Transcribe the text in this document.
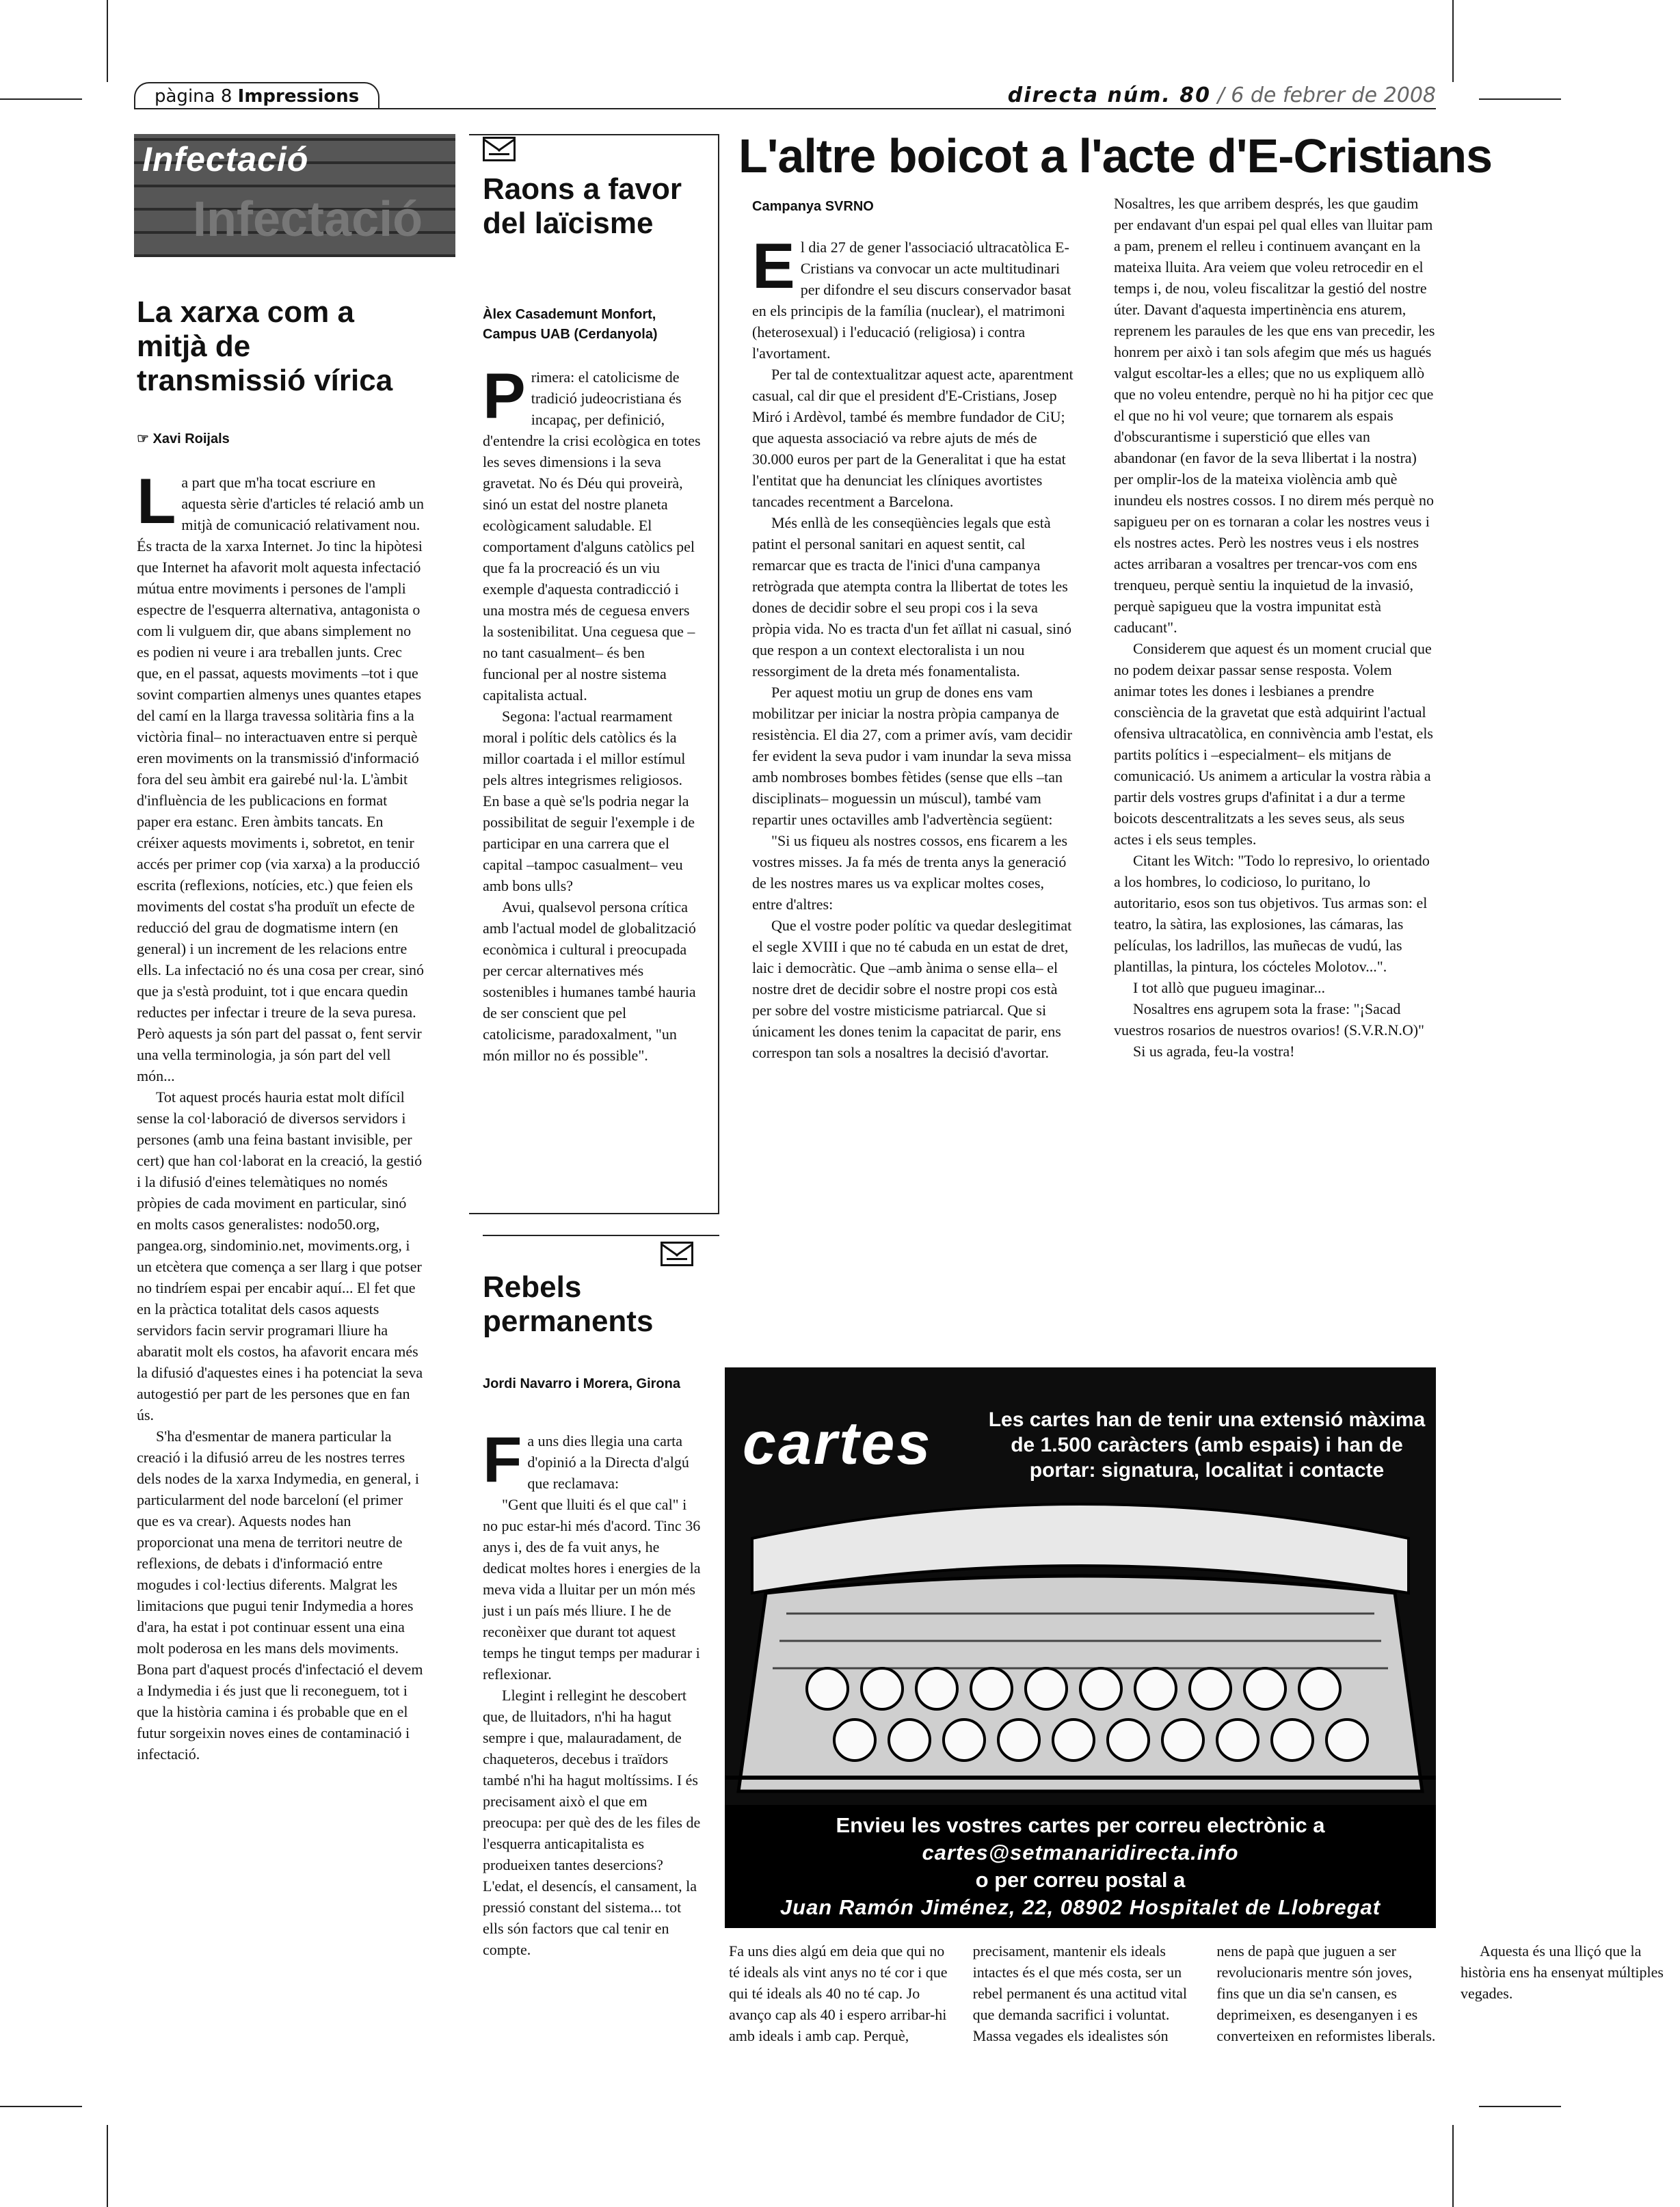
pàgina 8 Impressions	directa núm. 80 / 6 de febrer de 2008
Infectació
Infectació
La xarxa com a mitjà de transmissió vírica
☞ Xavi Roijals

La part que m'ha tocat escriure en aquesta sèrie d'articles té relació amb un mitjà de comunicació relativament nou. És tracta de la xarxa Internet. Jo tinc la hipòtesi que Internet ha afavorit molt aquesta infectació mútua entre moviments i persones de l'ampli espectre de l'esquerra alternativa, antagonista o com li vulguem dir, que abans simplement no es podien ni veure i ara treballen junts. Crec que, en el passat, aquests moviments –tot i que sovint compartien almenys unes quantes etapes del camí en la llarga travessa solitària fins a la victòria final– no interactuaven entre si perquè eren moviments on la transmissió d'informació fora del seu àmbit era gairebé nul·la. L'àmbit d'influència de les publicacions en format paper era estanc. Eren àmbits tancats. En créixer aquests moviments i, sobretot, en tenir accés per primer cop (via xarxa) a la producció escrita (reflexions, notícies, etc.) que feien els moviments del costat s'ha produït un efecte de reducció del grau de dogmatisme intern (en general) i un increment de les relacions entre ells. La infectació no és una cosa per crear, sinó que ja s'està produint, tot i que encara quedin reductes per infectar i treure de la seva puresa. Però aquests ja són part del passat o, fent servir una vella terminologia, ja són part del vell món...

Tot aquest procés hauria estat molt difícil sense la col·laboració de diversos servidors i persones (amb una feina bastant invisible, per cert) que han col·laborat en la creació, la gestió i la difusió d'eines telemàtiques no només pròpies de cada moviment en particular, sinó en molts casos generalistes: nodo50.org, pangea.org, sindominio.net, moviments.org, i un etcètera que comença a ser llarg i que potser no tindríem espai per encabir aquí... El fet que en la pràctica totalitat dels casos aquests servidors facin servir programari lliure ha abaratit molt els costos, ha afavorit encara més la difusió d'aquestes eines i ha potenciat la seva autogestió per part de les persones que en fan ús.

S'ha d'esmentar de manera particular la creació i la difusió arreu de les nostres terres dels nodes de la xarxa Indymedia, en general, i particularment del node barceloní (el primer que es va crear). Aquests nodes han proporcionat una mena de territori neutre de reflexions, de debats i d'informació entre mogudes i col·lectius diferents. Malgrat les limitacions que pugui tenir Indymedia a hores d'ara, ha estat i pot continuar essent una eina molt poderosa en les mans dels moviments. Bona part d'aquest procés d'infectació el devem a Indymedia i és just que li reconeguem, tot i que la història camina i és probable que en el futur sorgeixin noves eines de contaminació i infectació.

Raons a favor del laïcisme
Àlex Casademunt Monfort, Campus UAB (Cerdanyola)

Primera: el catolicisme de tradició judeocristiana és incapaç, per definició, d'entendre la crisi ecològica en totes les seves dimensions i la seva gravetat. No és Déu qui proveirà, sinó un estat del nostre planeta ecològicament saludable. El comportament d'alguns catòlics pel que fa la procreació és un viu exemple d'aquesta contradicció i una mostra més de ceguesa envers la sostenibilitat. Una ceguesa que –no tant casualment– és ben funcional per al nostre sistema capitalista actual.

Segona: l'actual rearmament moral i polític dels catòlics és la millor coartada i el millor estímul pels altres integrismes religiosos. En base a què se'ls podria negar la possibilitat de seguir l'exemple i de participar en una carrera que el capital –tampoc casualment– veu amb bons ulls?

Avui, qualsevol persona crítica amb l'actual model de globalització econòmica i cultural i preocupada per cercar alternatives més sostenibles i humanes també hauria de ser conscient que pel catolicisme, paradoxalment, "un món millor no és possible".

Rebels permanents
Jordi Navarro i Morera, Girona

Fa uns dies llegia una carta d'opinió a la Directa d'algú que reclamava:

"Gent que lluiti és el que cal" i no puc estar-hi més d'acord. Tinc 36 anys i, des de fa vuit anys, he dedicat moltes hores i energies de la meva vida a lluitar per un món més just i un país més lliure. I he de reconèixer que durant tot aquest temps he tingut temps per madurar i reflexionar.

Llegint i rellegint he descobert que, de lluitadors, n'hi ha hagut sempre i que, malauradament, de chaqueteros, decebus i traïdors també n'hi ha hagut moltíssims. I és precisament això el que em preocupa: per què des de les files de l'esquerra anticapitalista es produeixen tantes desercions? L'edat, el desencís, el cansament, la pressió constant del sistema... tot ells són factors que cal tenir en compte.	Fa uns dies algú em deia que qui no té ideals als vint anys no té cor i que qui té ideals als 40 no té cap. Jo avanço cap als 40 i espero arribar-hi amb ideals i amb cap. Perquè, precisament, mantenir els ideals intactes és el que més costa, ser un rebel permanent és una actitud vital que demanda sacrifici i voluntat. Massa vegades els idealistes són nens de papà que juguen a ser revolucionaris mentre són joves, fins que un dia se'n cansen, es deprimeixen, es desenganyen i es converteixen en reformistes liberals.

Aquesta és una lliçó que la història ens ha ensenyat múltiples vegades.

L'altre boicot a l'acte d'E-Cristians
Campanya SVRNO

El dia 27 de gener l'associació ultracatòlica E-Cristians va convocar un acte multitudinari per difondre el seu discurs conservador basat en els principis de la família (nuclear), el matrimoni (heterosexual) i l'educació (religiosa) i contra l'avortament.

Per tal de contextualitzar aquest acte, aparentment casual, cal dir que el president d'E-Cristians, Josep Miró i Ardèvol, també és membre fundador de CiU; que aquesta associació va rebre ajuts de més de 30.000 euros per part de la Generalitat i que ha estat l'entitat que ha denunciat les clíniques avortistes tancades recentment a Barcelona.

Més enllà de les conseqüències legals que està patint el personal sanitari en aquest sentit, cal remarcar que es tracta de l'inici d'una campanya retrògrada que atempta contra la llibertat de totes les dones de decidir sobre el seu propi cos i la seva pròpia vida. No es tracta d'un fet aïllat ni casual, sinó que respon a un context electoralista i un nou ressorgiment de la dreta més fonamentalista.

Per aquest motiu un grup de dones ens vam mobilitzar per iniciar la nostra pròpia campanya de resistència. El dia 27, com a primer avís, vam decidir fer evident la seva pudor i vam inundar la seva missa amb nombroses bombes fètides (sense que ells –tan disciplinats– moguessin un múscul), també vam repartir unes octavilles amb l'advertència següent:

"Si us fiqueu als nostres cossos, ens ficarem a les vostres misses. Ja fa més de trenta anys la generació de les nostres mares us va explicar moltes coses, entre d'altres:

Que el vostre poder polític va quedar deslegitimat el segle XVIII i que no té cabuda en un estat de dret, laic i democràtic. Que –amb ànima o sense ella– el nostre dret de decidir sobre el nostre propi cos està per sobre del vostre misticisme patriarcal. Que si únicament les dones tenim la capacitat de parir, ens correspon tan sols a nosaltres la decisió d'avortar. Nosaltres, les que arribem després, les que gaudim per endavant d'un espai pel qual elles van lluitar pam a pam, prenem el relleu i continuem avançant en la mateixa lluita. Ara veiem que voleu retrocedir en el temps i, de nou, voleu fiscalitzar la gestió del nostre úter. Davant d'aquesta impertinència ens aturem, reprenem les paraules de les que ens van precedir, les honrem per això i tan sols afegim que més us hagués valgut escoltar-les a elles; que no us expliquem allò que no voleu entendre, perquè no hi ha pitjor cec que el que no hi vol veure; que tornarem als espais d'obscurantisme i superstició que elles van abandonar (en favor de la seva llibertat i la nostra) per omplir-los de la mateixa violència amb què inundeu els nostres cossos. I no direm més perquè no sapigueu per on es tornaran a colar les nostres veus i els nostres actes. Però les nostres veus i els nostres actes arribaran a vosaltres per trencar-vos com ens trenqueu, perquè sentiu la inquietud de la invasió, perquè sapigueu que la vostra impunitat està caducant".

Considerem que aquest és un moment crucial que no podem deixar passar sense resposta. Volem animar totes les dones i lesbianes a prendre consciència de la gravetat que està adquirint l'actual ofensiva ultracatòlica, en connivència amb l'estat, els partits polítics i –especialment– els mitjans de comunicació. Us animem a articular la vostra ràbia a partir dels vostres grups d'afinitat i a dur a terme boicots descentralitzats a les seves seus, als seus actes i els seus temples.

Citant les Witch: "Todo lo represivo, lo orientado a los hombres, lo codicioso, lo puritano, lo autoritario, esos son tus objetivos. Tus armas son: el teatro, la sàtira, las explosiones, las cámaras, las películas, los ladrillos, las muñecas de vudú, las plantillas, la pintura, los cócteles Molotov...".

I tot allò que pugueu imaginar...

Nosaltres ens agrupem sota la frase: "¡Sacad vuestros rosarios de nuestros ovarios! (S.V.R.N.O)"

Si us agrada, feu-la vostra!

cartes	Les cartes han de tenir una extensió màxima de 1.500 caràcters (amb espais) i han de portar: signatura, localitat i contacte
Envieu les vostres cartes per correu electrònic a
cartes@setmanaridirecta.info
o per correu postal a
Juan Ramón Jiménez, 22, 08902 Hospitalet de Llobregat
